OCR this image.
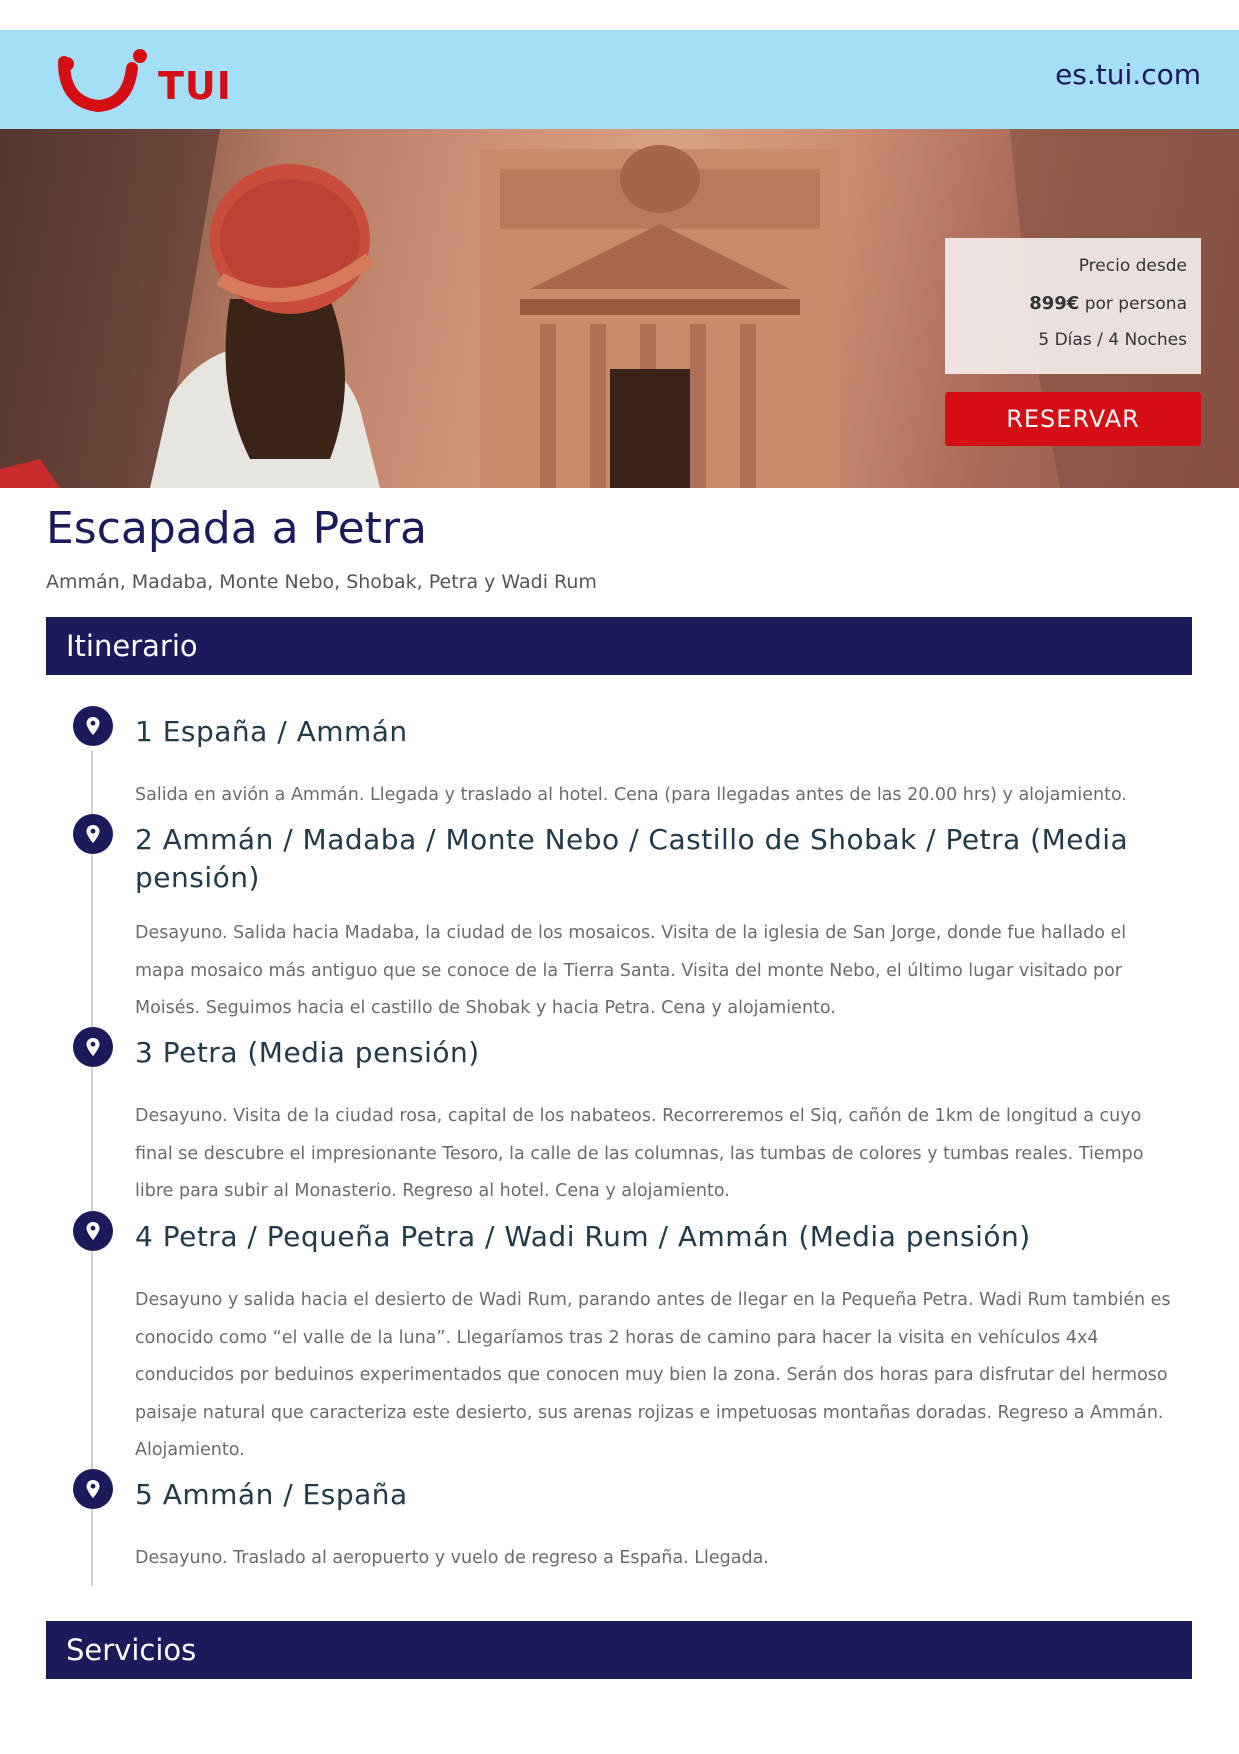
TUI	es.tui.com
Precio desde
899€ por persona
5 Días / 4 Noches
RESERVAR
Escapada a Petra
Ammán, Madaba, Monte Nebo, Shobak, Petra y Wadi Rum
Itinerario
1 España / Ammán

Salida en avión a Ammán. Llegada y traslado al hotel. Cena (para llegadas antes de las 20.00 hrs) y alojamiento.

2 Ammán / Madaba / Monte Nebo / Castillo de Shobak / Petra (Media pensión)

Desayuno. Salida hacia Madaba, la ciudad de los mosaicos. Visita de la iglesia de San Jorge, donde fue hallado el mapa mosaico más antiguo que se conoce de la Tierra Santa. Visita del monte Nebo, el último lugar visitado por Moisés. Seguimos hacia el castillo de Shobak y hacia Petra. Cena y alojamiento.

3 Petra (Media pensión)

Desayuno. Visita de la ciudad rosa, capital de los nabateos. Recorreremos el Siq, cañón de 1km de longitud a cuyo final se descubre el impresionante Tesoro, la calle de las columnas, las tumbas de colores y tumbas reales. Tiempo libre para subir al Monasterio. Regreso al hotel. Cena y alojamiento.

4 Petra / Pequeña Petra / Wadi Rum / Ammán (Media pensión)

Desayuno y salida hacia el desierto de Wadi Rum, parando antes de llegar en la Pequeña Petra. Wadi Rum también es conocido como “el valle de la luna”. Llegaríamos tras 2 horas de camino para hacer la visita en vehículos 4x4 conducidos por beduinos experimentados que conocen muy bien la zona. Serán dos horas para disfrutar del hermoso paisaje natural que caracteriza este desierto, sus arenas rojizas e impetuosas montañas doradas. Regreso a Ammán. Alojamiento.

5 Ammán / España

Desayuno. Traslado al aeropuerto y vuelo de regreso a España. Llegada.

Servicios
